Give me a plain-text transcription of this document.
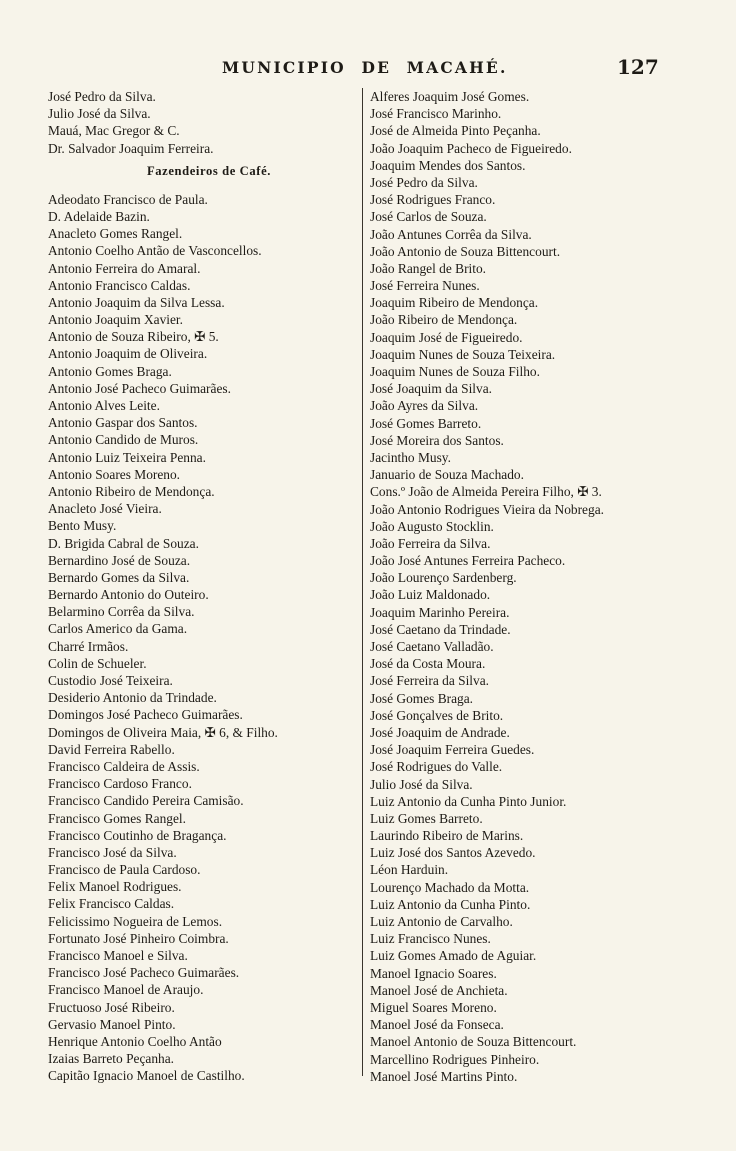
MUNICIPIO DE MACAHÉ.	127
José Pedro da Silva.
Julio José da Silva.
Mauá, Mac Gregor & C.
Dr. Salvador Joaquim Ferreira.
Fazendeiros de Café.
Adeodato Francisco de Paula.
D. Adelaide Bazin.
Anacleto Gomes Rangel.
Antonio Coelho Antão de Vasconcellos.
Antonio Ferreira do Amaral.
Antonio Francisco Caldas.
Antonio Joaquim da Silva Lessa.
Antonio Joaquim Xavier.
Antonio de Souza Ribeiro, ✠ 5.
Antonio Joaquim de Oliveira.
Antonio Gomes Braga.
Antonio José Pacheco Guimarães.
Antonio Alves Leite.
Antonio Gaspar dos Santos.
Antonio Candido de Muros.
Antonio Luiz Teixeira Penna.
Antonio Soares Moreno.
Antonio Ribeiro de Mendonça.
Anacleto José Vieira.
Bento Musy.
D. Brigida Cabral de Souza.
Bernardino José de Souza.
Bernardo Gomes da Silva.
Bernardo Antonio do Outeiro.
Belarmino Corrêa da Silva.
Carlos Americo da Gama.
Charré Irmãos.
Colin de Schueler.
Custodio José Teixeira.
Desiderio Antonio da Trindade.
Domingos José Pacheco Guimarães.
Domingos de Oliveira Maia, ✠ 6, & Filho.
David Ferreira Rabello.
Francisco Caldeira de Assis.
Francisco Cardoso Franco.
Francisco Candido Pereira Camisão.
Francisco Gomes Rangel.
Francisco Coutinho de Bragança.
Francisco José da Silva.
Francisco de Paula Cardoso.
Felix Manoel Rodrigues.
Felix Francisco Caldas.
Felicissimo Nogueira de Lemos.
Fortunato José Pinheiro Coimbra.
Francisco Manoel e Silva.
Francisco José Pacheco Guimarães.
Francisco Manoel de Araujo.
Fructuoso José Ribeiro.
Gervasio Manoel Pinto.
Henrique Antonio Coelho Antão
Izaias Barreto Peçanha.
Capitão Ignacio Manoel de Castilho.
Alferes Joaquim José Gomes.
José Francisco Marinho.
José de Almeida Pinto Peçanha.
João Joaquim Pacheco de Figueiredo.
Joaquim Mendes dos Santos.
José Pedro da Silva.
José Rodrigues Franco.
José Carlos de Souza.
João Antunes Corrêa da Silva.
João Antonio de Souza Bittencourt.
João Rangel de Brito.
José Ferreira Nunes.
Joaquim Ribeiro de Mendonça.
João Ribeiro de Mendonça.
Joaquim José de Figueiredo.
Joaquim Nunes de Souza Teixeira.
Joaquim Nunes de Souza Filho.
José Joaquim da Silva.
João Ayres da Silva.
José Gomes Barreto.
José Moreira dos Santos.
Jacintho Musy.
Januario de Souza Machado.
Cons.º João de Almeida Pereira Filho, ✠ 3.
João Antonio Rodrigues Vieira da Nobrega.
João Augusto Stocklin.
João Ferreira da Silva.
João José Antunes Ferreira Pacheco.
João Lourenço Sardenberg.
João Luiz Maldonado.
Joaquim Marinho Pereira.
José Caetano da Trindade.
José Caetano Valladão.
José da Costa Moura.
José Ferreira da Silva.
José Gomes Braga.
José Gonçalves de Brito.
José Joaquim de Andrade.
José Joaquim Ferreira Guedes.
José Rodrigues do Valle.
Julio José da Silva.
Luiz Antonio da Cunha Pinto Junior.
Luiz Gomes Barreto.
Laurindo Ribeiro de Marins.
Luiz José dos Santos Azevedo.
Léon Harduin.
Lourenço Machado da Motta.
Luiz Antonio da Cunha Pinto.
Luiz Antonio de Carvalho.
Luiz Francisco Nunes.
Luiz Gomes Amado de Aguiar.
Manoel Ignacio Soares.
Manoel José de Anchieta.
Miguel Soares Moreno.
Manoel José da Fonseca.
Manoel Antonio de Souza Bittencourt.
Marcellino Rodrigues Pinheiro.
Manoel José Martins Pinto.
